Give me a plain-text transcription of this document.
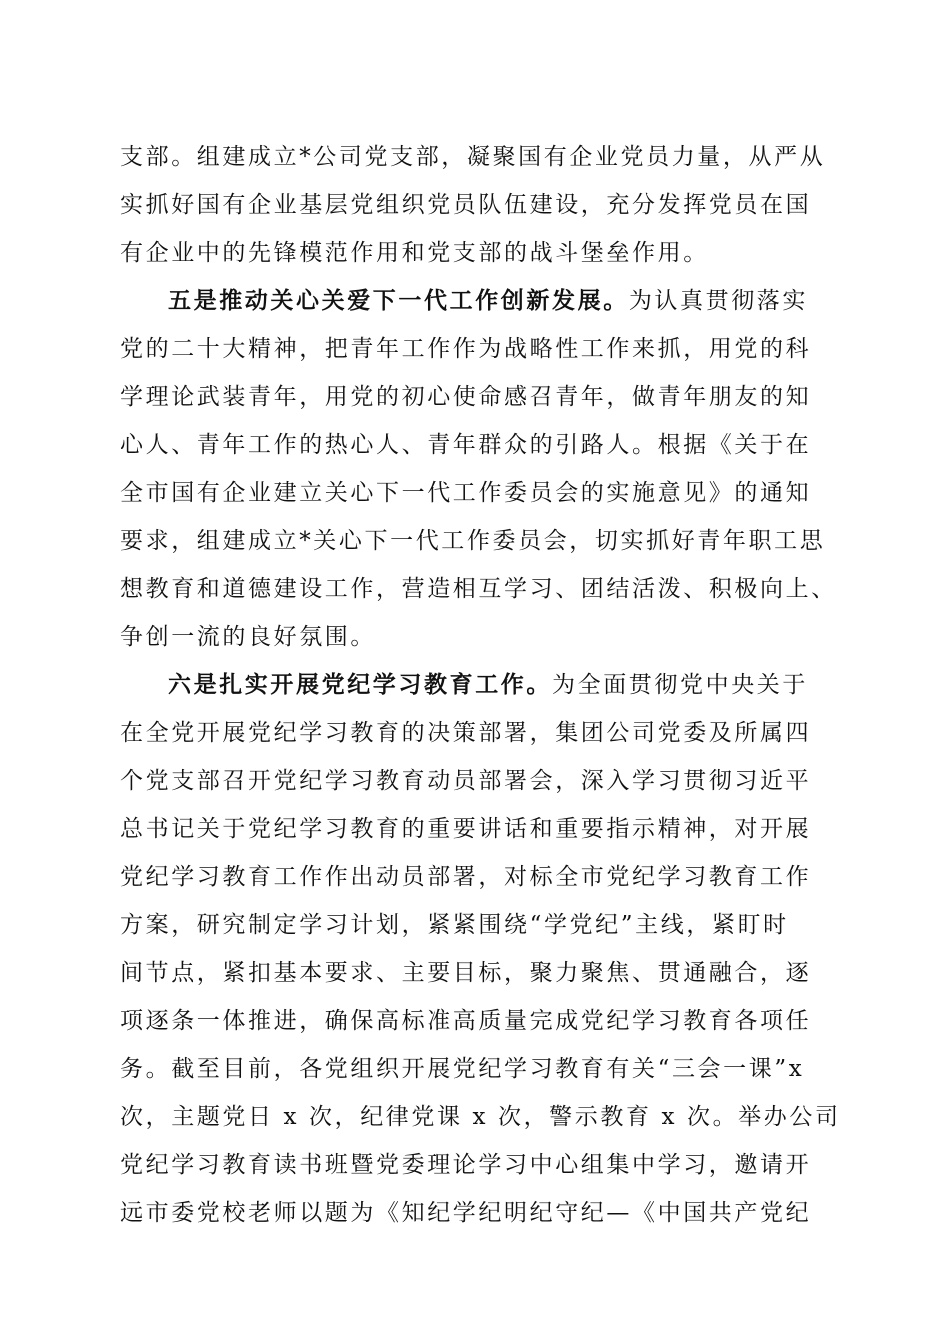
支部。组建成立*公司党支部，凝聚国有企业党员力量，从严从
实抓好国有企业基层党组织党员队伍建设，充分发挥党员在国
有企业中的先锋模范作用和党支部的战斗堡垒作用。
五是推动关心关爱下一代工作创新发展。为认真贯彻落实
党的二十大精神，把青年工作作为战略性工作来抓，用党的科
学理论武装青年，用党的初心使命感召青年，做青年朋友的知
心人、青年工作的热心人、青年群众的引路人。根据《关于在
全市国有企业建立关心下一代工作委员会的实施意见》的通知
要求，组建成立*关心下一代工作委员会，切实抓好青年职工思
想教育和道德建设工作，营造相互学习、团结活泼、积极向上、
争创一流的良好氛围。
六是扎实开展党纪学习教育工作。为全面贯彻党中央关于
在全党开展党纪学习教育的决策部署，集团公司党委及所属四
个党支部召开党纪学习教育动员部署会，深入学习贯彻习近平
总书记关于党纪学习教育的重要讲话和重要指示精神，对开展
党纪学习教育工作作出动员部署，对标全市党纪学习教育工作
方案，研究制定学习计划，紧紧围绕“学党纪”主线，紧盯时
间节点，紧扣基本要求、主要目标，聚力聚焦、贯通融合，逐
项逐条一体推进，确保高标准高质量完成党纪学习教育各项任
务。截至目前，各党组织开展党纪学习教育有关“三会一课”x
次，主题党日 x 次，纪律党课 x 次，警示教育 x 次。举办公司
党纪学习教育读书班暨党委理论学习中心组集中学习，邀请开
远市委党校老师以题为《知纪学纪明纪守纪—《中国共产党纪
